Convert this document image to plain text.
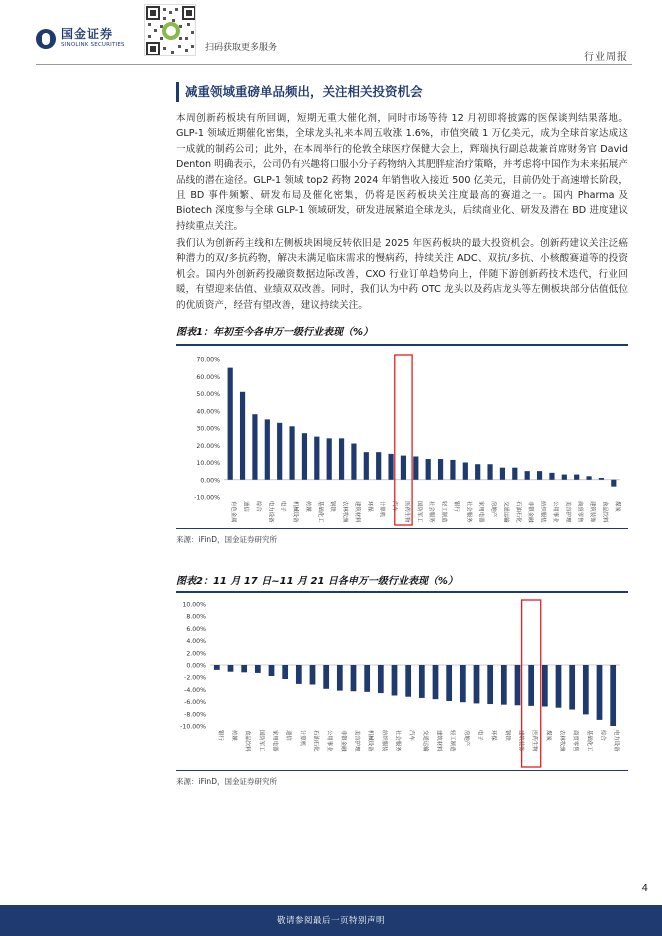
国金证券
SINOLINK SECURITIES	扫码获取更多服务
行业周报
减重领域重磅单品频出，关注相关投资机会
本周创新药板块有所回调，短期无重大催化剂，同时市场等待 12 月初即将披露的医保谈判结果落地。GLP-1 领域近期催化密集，全球龙头礼来本周五收涨 1.6%，市值突破 1 万亿美元，成为全球首家达成这一成就的制药公司；此外，在本周举行的伦敦全球医疗保健大会上，辉瑞执行副总裁兼首席财务官 David Denton 明确表示，公司仍有兴趣将口服小分子药物纳入其肥胖症治疗策略，并考虑将中国作为未来拓展产品线的潜在途径。GLP-1 领域 top2 药物 2024 年销售收入接近 500 亿美元，目前仍处于高速增长阶段，且 BD 事件频繁、研发布局及催化密集，仍将是医药板块关注度最高的赛道之一。国内 Pharma 及 Biotech 深度参与全球 GLP-1 领域研发，研发进展紧追全球龙头，后续商业化、研发及潜在 BD 进度建议持续重点关注。
我们认为创新药主线和左侧板块困境反转依旧是 2025 年医药板块的最大投资机会。创新药建议关注泛癌种潜力的双/多抗药物，解决未满足临床需求的慢病药，持续关注 ADC、双抗/多抗、小核酸赛道等的投资机会。国内外创新药投融资数据边际改善，CXO 行业订单趋势向上，伴随下游创新药技术迭代，行业回暖，有望迎来估值、业绩双双改善。同时，我们认为中药 OTC 龙头以及药店龙头等左侧板块部分估值低位的优质资产，经营有望改善，建议持续关注。
图表1：年初至今各申万一级行业表现（%）
-10.00%
0.00%
10.00%
20.00%
30.00%
40.00%
50.00%
60.00%
70.00%
有色金属	通信	综合	电力设备	电子	机械设备	传媒	基础化工	钢铁	农林牧渔	建筑材料	环保	计算机	汽车	医药生物	国防军工	社会服务	轻工制造	银行	社会服务	家用电器	房地产	交通运输	石油石化	非银金融	纺织服装	公用事业	美容护理	商贸零售	建筑装饰	食品饮料	煤炭
来源：iFinD，国金证券研究所
图表2：11 月 17 日~11 月 21 日各申万一级行业表现（%）
-10.00%
-8.00%
-6.00%
-4.00%
-2.00%
0.00%
2.00%
4.00%
6.00%
8.00%
10.00%
银行	传媒	食品饮料	国防军工	家用电器	通信	计算机	石油石化	公用事业	非银金融	美容护理	机械设备	纺织服装	社会服务	汽车	交通运输	建筑材料	轻工制造	房地产	电子	环保	钢铁	建筑装饰	医药生物	煤炭	农林牧渔	商贸零售	基础化工	综合	电力设备
来源：iFinD，国金证券研究所
4
敬请参阅最后一页特别声明
